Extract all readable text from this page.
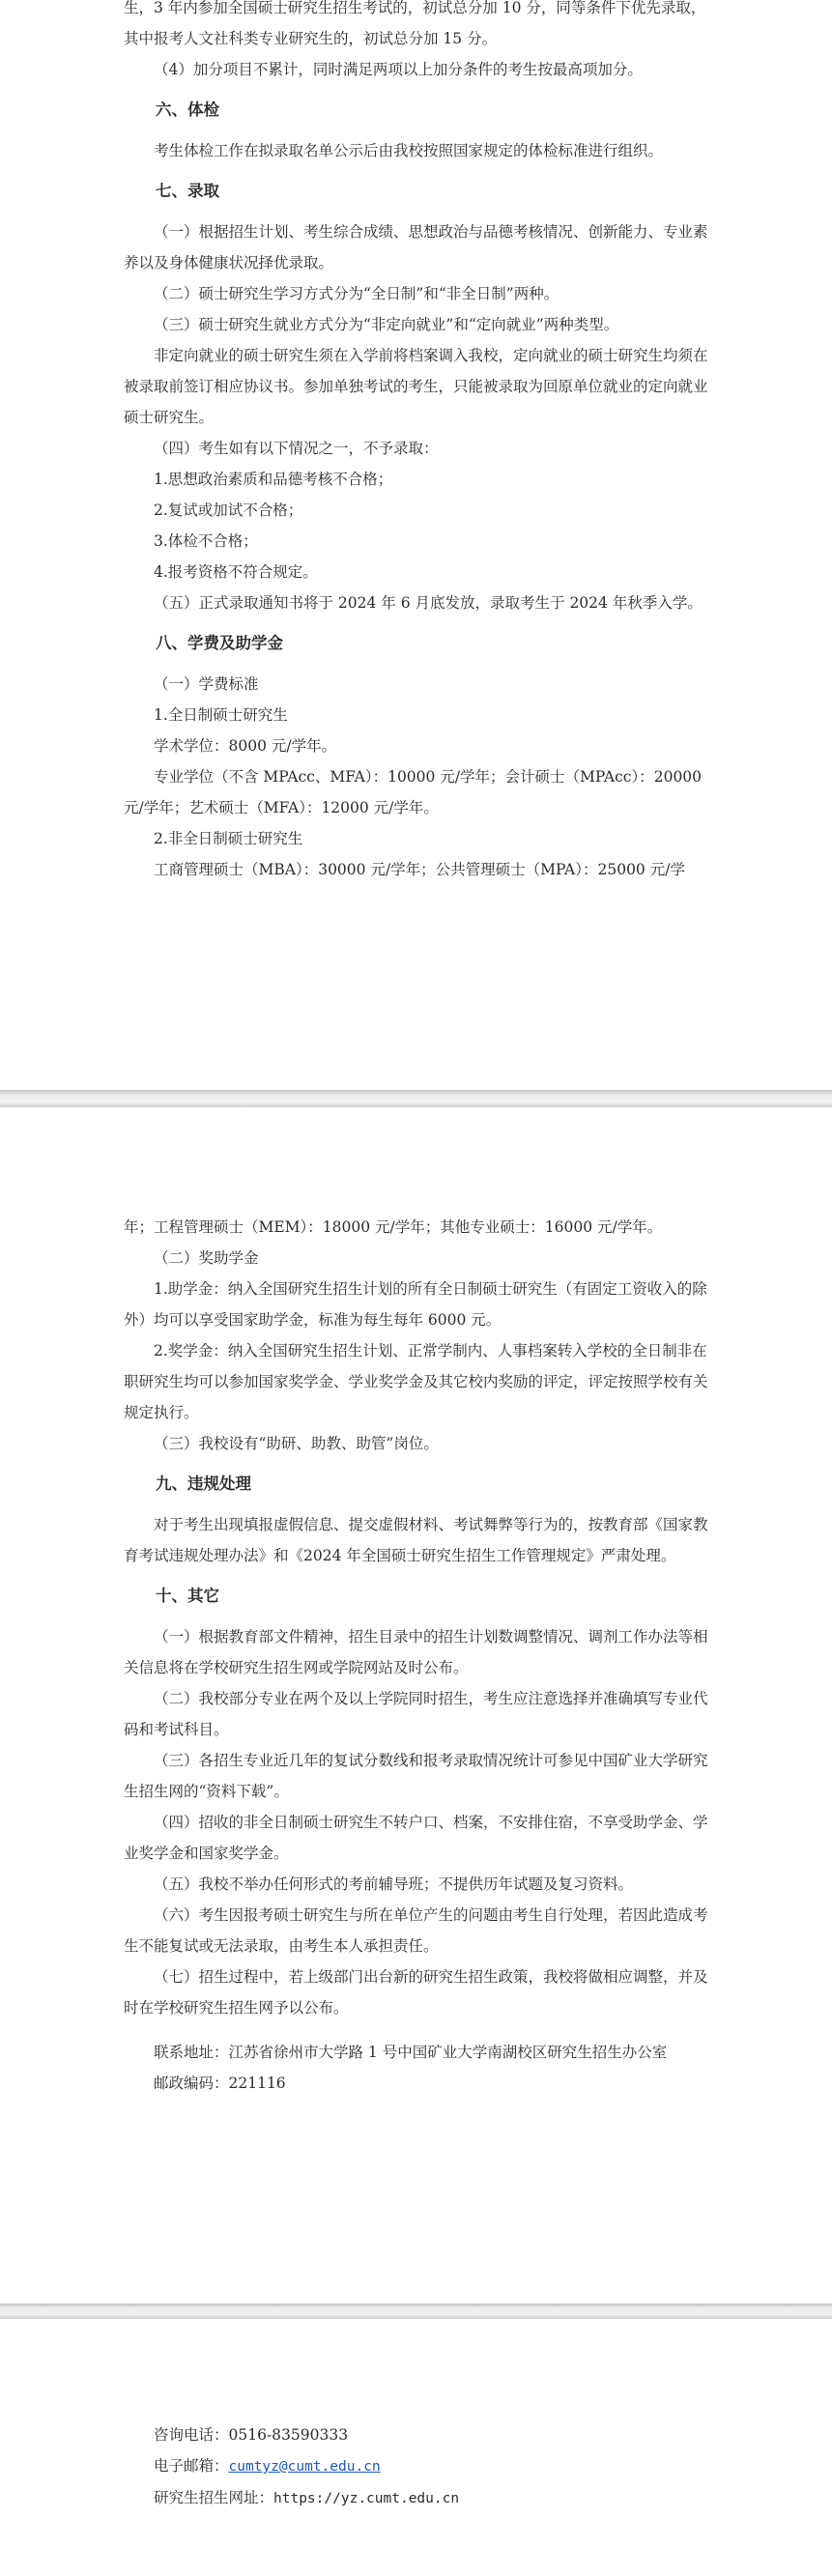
生，3 年内参加全国硕士研究生招生考试的，初试总分加 10 分，同等条件下优先录取，其中报考人文社科类专业研究生的，初试总分加 15 分。

（4）加分项目不累计，同时满足两项以上加分条件的考生按最高项加分。

六、体检

考生体检工作在拟录取名单公示后由我校按照国家规定的体检标准进行组织。

七、录取

（一）根据招生计划、考生综合成绩、思想政治与品德考核情况、创新能力、专业素养以及身体健康状况择优录取。

（二）硕士研究生学习方式分为“全日制”和“非全日制”两种。

（三）硕士研究生就业方式分为“非定向就业”和“定向就业”两种类型。

非定向就业的硕士研究生须在入学前将档案调入我校，定向就业的硕士研究生均须在被录取前签订相应协议书。参加单独考试的考生，只能被录取为回原单位就业的定向就业硕士研究生。

（四）考生如有以下情况之一，不予录取：

1.思想政治素质和品德考核不合格；

2.复试或加试不合格；

3.体检不合格；

4.报考资格不符合规定。

（五）正式录取通知书将于 2024 年 6 月底发放，录取考生于 2024 年秋季入学。

八、学费及助学金

（一）学费标准

1.全日制硕士研究生

学术学位：8000 元/学年。

专业学位（不含 MPAcc、MFA）：10000 元/学年；会计硕士（MPAcc）：20000 元/学年；艺术硕士（MFA）：12000 元/学年。

2.非全日制硕士研究生

工商管理硕士（MBA）：30000 元/学年；公共管理硕士（MPA）：25000 元/学

年；工程管理硕士（MEM）：18000 元/学年；其他专业硕士：16000 元/学年。

（二）奖助学金

1.助学金：纳入全国研究生招生计划的所有全日制硕士研究生（有固定工资收入的除外）均可以享受国家助学金，标准为每生每年 6000 元。

2.奖学金：纳入全国研究生招生计划、正常学制内、人事档案转入学校的全日制非在职研究生均可以参加国家奖学金、学业奖学金及其它校内奖励的评定，评定按照学校有关规定执行。

（三）我校设有“助研、助教、助管”岗位。

九、违规处理

对于考生出现填报虚假信息、提交虚假材料、考试舞弊等行为的，按教育部《国家教育考试违规处理办法》和《2024 年全国硕士研究生招生工作管理规定》严肃处理。

十、其它

（一）根据教育部文件精神，招生目录中的招生计划数调整情况、调剂工作办法等相关信息将在学校研究生招生网或学院网站及时公布。

（二）我校部分专业在两个及以上学院同时招生，考生应注意选择并准确填写专业代码和考试科目。

（三）各招生专业近几年的复试分数线和报考录取情况统计可参见中国矿业大学研究生招生网的“资料下载”。

（四）招收的非全日制硕士研究生不转户口、档案，不安排住宿，不享受助学金、学业奖学金和国家奖学金。

（五）我校不举办任何形式的考前辅导班；不提供历年试题及复习资料。

（六）考生因报考硕士研究生与所在单位产生的问题由考生自行处理，若因此造成考生不能复试或无法录取，由考生本人承担责任。

（七）招生过程中，若上级部门出台新的研究生招生政策，我校将做相应调整，并及时在学校研究生招生网予以公布。

联系地址：江苏省徐州市大学路 1 号中国矿业大学南湖校区研究生招生办公室

邮政编码：221116

咨询电话：0516-83590333

电子邮箱：cumtyz@cumt.edu.cn

研究生招生网址：https://yz.cumt.edu.cn
